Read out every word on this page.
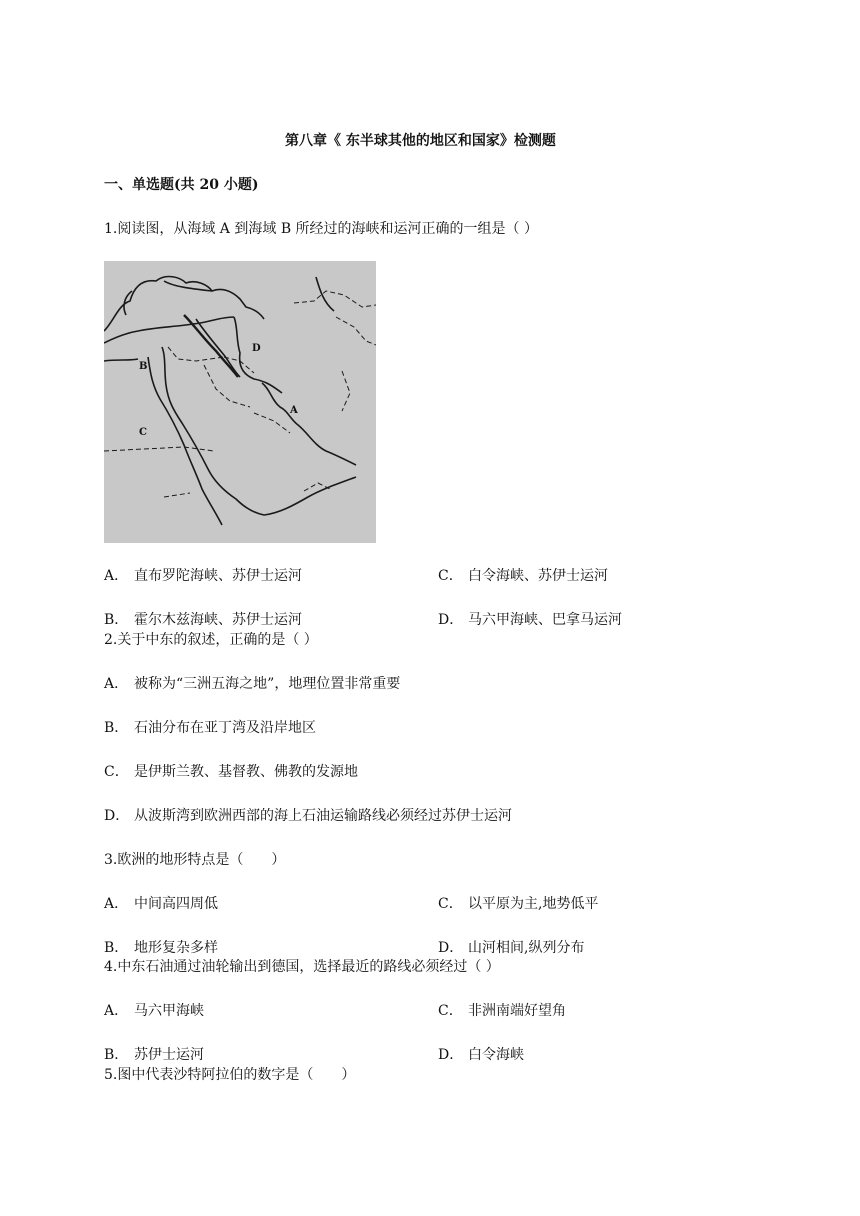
第八章《 东半球其他的地区和国家》检测题
一、单选题(共 20 小题)
1.阅读图，从海域 A 到海域 B 所经过的海峡和运河正确的一组是（ ）
A
B
C
D
A． 直布罗陀海峡、苏伊士运河	C． 白令海峡、苏伊士运河
B． 霍尔木兹海峡、苏伊士运河	D． 马六甲海峡、巴拿马运河
2.关于中东的叙述，正确的是（ ）
A． 被称为“三洲五海之地”，地理位置非常重要
B． 石油分布在亚丁湾及沿岸地区
C． 是伊斯兰教、基督教、佛教的发源地
D． 从波斯湾到欧洲西部的海上石油运输路线必须经过苏伊士运河
3.欧洲的地形特点是（　　）
A． 中间高四周低	C． 以平原为主,地势低平
B． 地形复杂多样	D． 山河相间,纵列分布
4.中东石油通过油轮输出到德国，选择最近的路线必须经过（ ）
A． 马六甲海峡	C． 非洲南端好望角
B． 苏伊士运河	D． 白令海峡
5.图中代表沙特阿拉伯的数字是（　　）
